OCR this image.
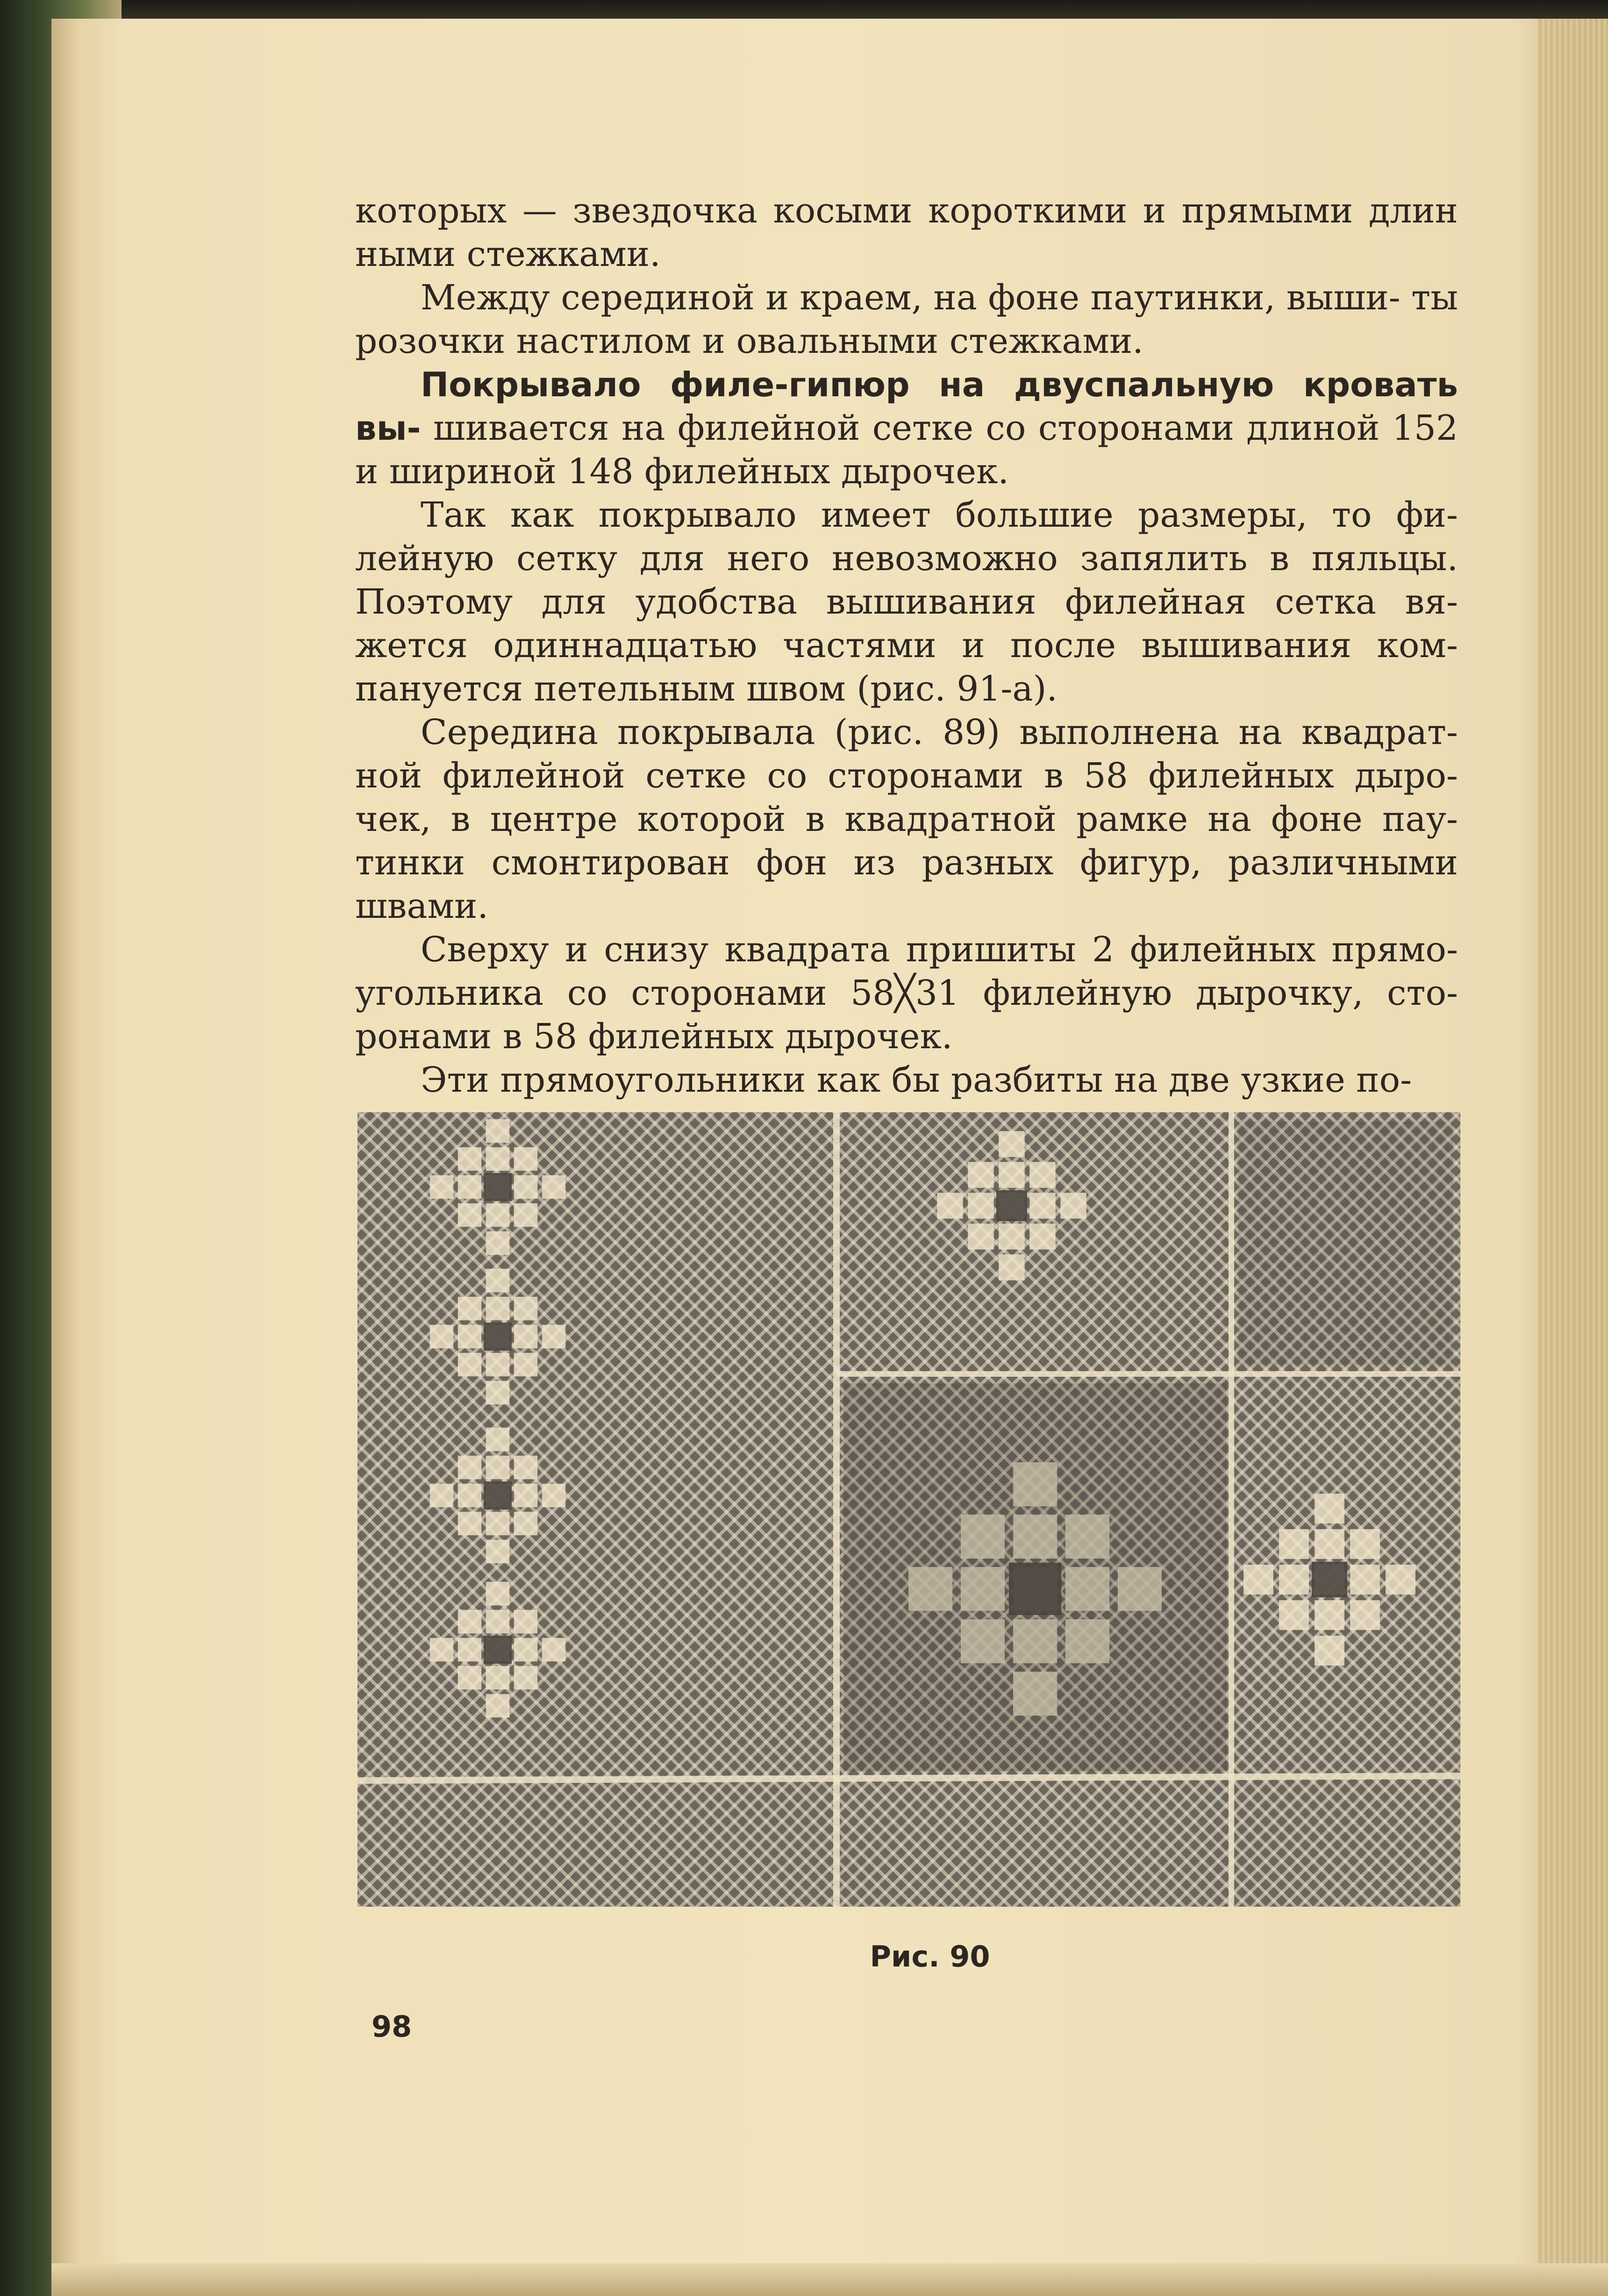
которых — звездочка косыми короткими и прямыми длин ными стежками.

Между серединой и краем, на фоне паутинки, выши- ты розочки настилом и овальными стежками.

Покрывало филе-гипюр на двуспальную кровать вы- шивается на филейной сетке со сторонами длиной 152 и шириной 148 филейных дырочек.

Так как покрывало имеет большие размеры, то фи- лейную сетку для него невозможно запялить в пяльцы. Поэтому для удобства вышивания филейная сетка вя- жется одиннадцатью частями и после вышивания ком- пануется петельным швом (рис. 91-а).

Середина покрывала (рис. 89) выполнена на квадрат- ной филейной сетке со сторонами в 58 филейных дыро- чек, в центре которой в квадратной рамке на фоне пау- тинки смонтирован фон из разных фигур, различными швами.

Сверху и снизу квадрата пришиты 2 филейных прямо- угольника со сторонами 58╳31 филейную дырочку, сто- ронами в 58 филейных дырочек.

Эти прямоугольники как бы разбиты на две узкие по-

Рис. 90
98
